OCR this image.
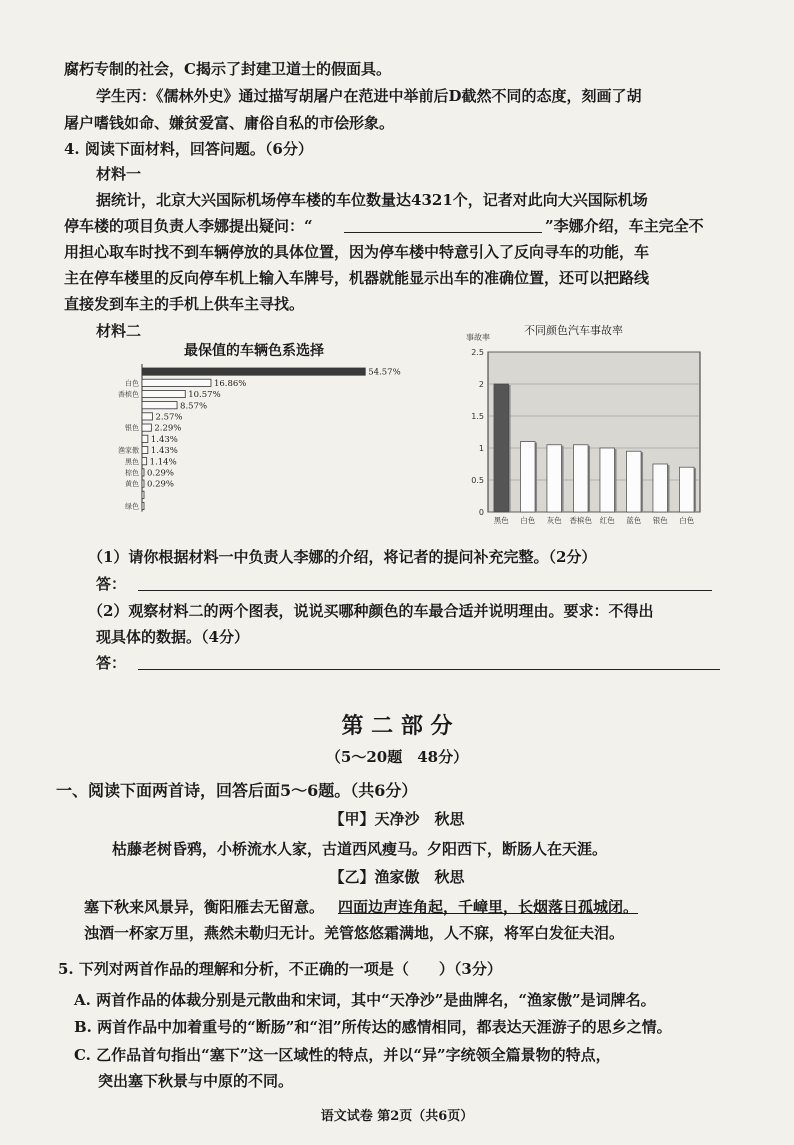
腐朽专制的社会，C揭示了封建卫道士的假面具。
学生丙：《儒林外史》通过描写胡屠户在范进中举前后D截然不同的态度，刻画了胡
屠户嗜钱如命、嫌贫爱富、庸俗自私的市侩形象。
4. 阅读下面材料，回答问题。（6分）
材料一
据统计，北京大兴国际机场停车楼的车位数量达4321个，记者对此向大兴国际机场
停车楼的项目负责人李娜提出疑问：“	”李娜介绍，车主完全不
用担心取车时找不到车辆停放的具体位置，因为停车楼中特意引入了反向寻车的功能，车
主在停车楼里的反向停车机上输入车牌号，机器就能显示出车的准确位置，还可以把路线
直接发到车主的手机上供车主寻找。
材料二
最保值的车辆色系选择
54.57%
白色	16.86%
香槟色	10.57%
8.57%
2.57%
银色 2.29%
1.43%
渔家傲 1.43%
黑色 1.14%
棕色 0.29%
黄色 0.29%
绿色
不同颜色汽车事故率
事故率
0
0.5
1
1.5
2
2.5
黑色 白色 灰色 香槟色 红色 蓝色 银色 白色
（1）请你根据材料一中负责人李娜的介绍，将记者的提问补充完整。（2分）
答：
（2）观察材料二的两个图表，说说买哪种颜色的车最合适并说明理由。要求：不得出
现具体的数据。（4分）
答：
第 二 部 分
（5～20题　48分）
一、阅读下面两首诗，回答后面5～6题。（共6分）
【甲】天净沙　秋思
枯藤老树昏鸦，小桥流水人家，古道西风瘦马。夕阳西下，断肠人在天涯。
【乙】渔家傲　秋思
塞下秋来风景异，衡阳雁去无留意。 四面边声连角起，千嶂里，长烟落日孤城闭。
浊酒一杯家万里，燕然未勒归无计。羌管悠悠霜满地，人不寐，将军白发征夫泪。
5. 下列对两首作品的理解和分析，不正确的一项是（　　）（3分）
A. 两首作品的体裁分别是元散曲和宋词，其中“天净沙”是曲牌名，“渔家傲”是词牌名。
B. 两首作品中加着重号的“断肠”和“泪”所传达的感情相同，都表达天涯游子的思乡之情。
C. 乙作品首句指出“塞下”这一区域性的特点，并以“异”字统领全篇景物的特点，
突出塞下秋景与中原的不同。
语文试卷 第2页（共6页）
